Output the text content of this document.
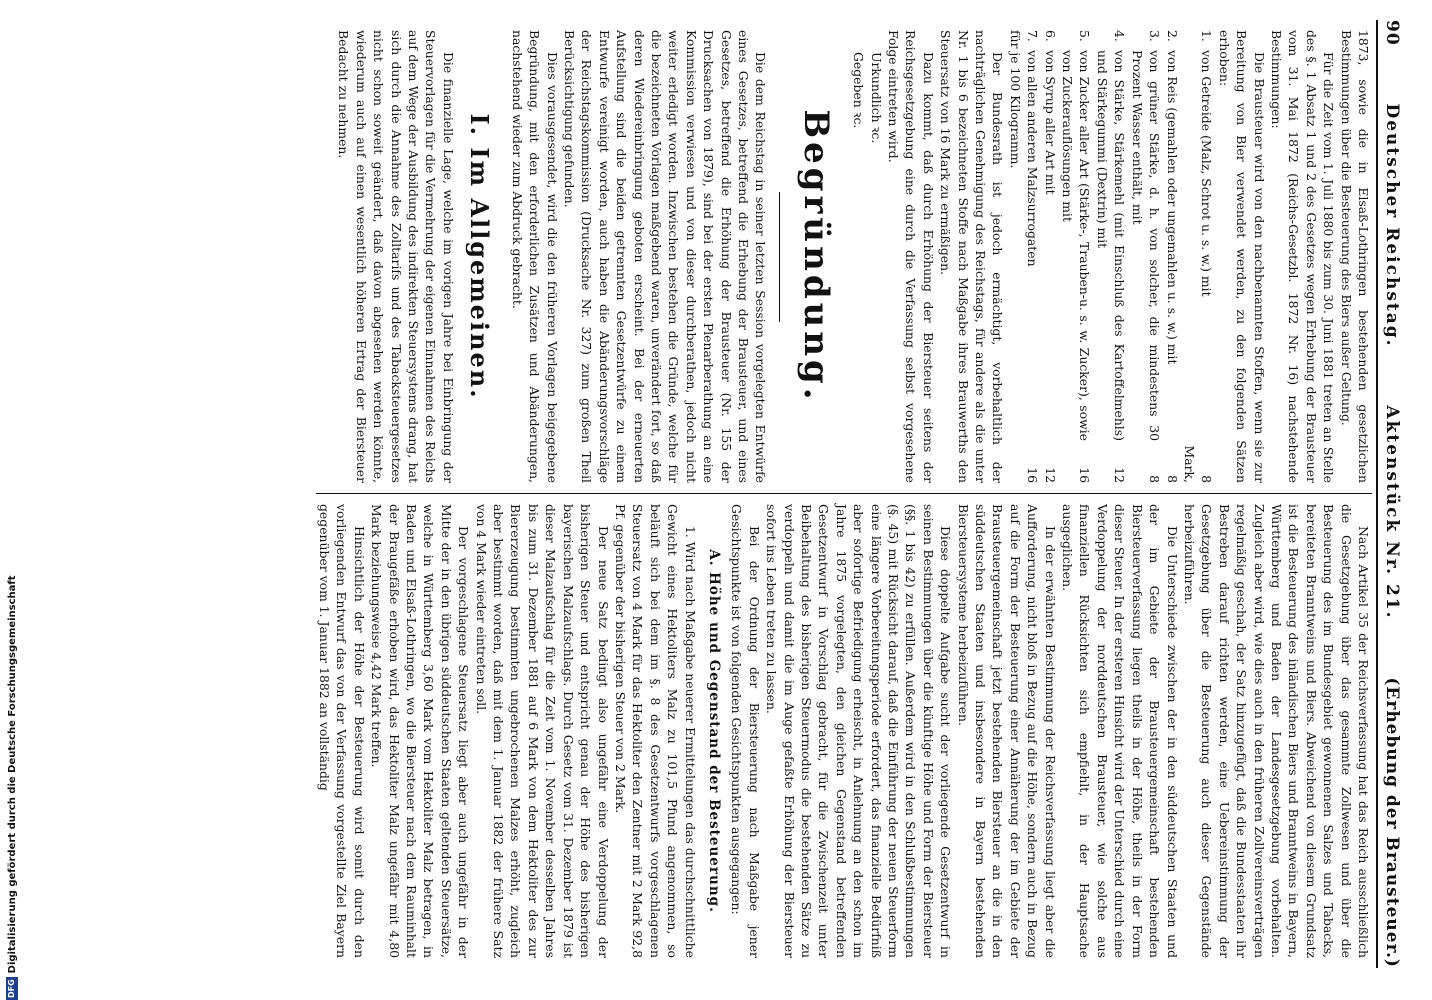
90
Deutscher Reichstag.
Aktenstück Nr. 21.
(Erhebung der Brausteuer.)

1873, sowie die in Elsaß-Lothringen bestehenden gesetzlichen Bestimmungen über die Besteuerung des Biers außer Geltung.

Für die Zeit vom 1. Juli 1880 bis zum 30. Juni 1881 treten an Stelle des §. 1 Absatz 1 und 2 des Gesetzes wegen Erhebung der Brausteuer vom 31. Mai 1872 (Reichs-Gesetzbl. 1872 Nr. 16) nachstehende Bestimmungen:

Die Brausteuer wird von den nachbenannten Stoffen, wenn sie zur Bereitung von Bier verwendet werden, zu den folgenden Sätzen erhoben:

1.
von Getreide (Malz, Schrot u. s. w.) mit
8 Mark,
2.
von Reis (gemahlen oder ungemahlen u. s. w.) mit
8
3.
von grüner Stärke, d. h. von solcher, die mindestens 30 Prozent Wasser enthält, mit
8
4.
von Stärke, Stärkemehl (mit Einschluß des Kartoffelmehls) und Stärkegummi (Dextrin) mit
12
5.
von Zucker aller Art (Stärke-, Trauben-u. s. w. Zucker), sowie von Zuckerauflösungen mit
16
6.
von Syrup aller Art mit
12
7.
von allen anderen Malzsurrogaten
16

für je 100 Kilogramm.

Der Bundesrath ist jedoch ermächtigt, vorbehaltlich der nachträglichen Genehmigung des Reichstags, für andere als die unter Nr. 1 bis 6 bezeichneten Stoffe nach Maßgabe ihres Brauwerths den Steuersatz von 16 Mark zu ermäßigen.

Dazu kommt, daß durch Erhöhung der Biersteuer seitens der Reichsgesetzgebung eine durch die Verfassung selbst vorgesehene Folge eintreten wird.

Urkundlich ꝛc.

Gegeben ꝛc.

Begründung.

Die dem Reichstag in seiner letzten Session vorgelegten Entwürfe eines Gesetzes, betreffend die Erhebung der Brausteuer, und eines Gesetzes, betreffend die Erhöhung der Brausteuer (Nr. 155 der Drucksachen von 1879), sind bei der ersten Plenarberathung an eine Kommission verwiesen und von dieser durchberathen, jedoch nicht weiter erledigt worden. Inzwischen bestehen die Gründe, welche für die bezeichneten Vorlagen maßgebend waren, unverändert fort, so daß deren Wiedereinbringung geboten erscheint. Bei der erneuerten Aufstellung sind die beiden getrennten Gesetzentwürfe zu einem Entwurfe vereinigt worden, auch haben die Abänderungsvorschläge der Reichstagskommission (Drucksache Nr. 327) zum großen Theil Berücksichtigung gefunden.

Dies vorausgesendet, wird die den früheren Vorlagen beigegebene Begründung, mit den erforderlichen Zusätzen und Abänderungen, nachstehend wieder zum Abdruck gebracht.

I. Im Allgemeinen.

Die finanzielle Lage, welche im vorigen Jahre bei Einbringung der Steuervorlagen für die Vermehrung der eigenen Einnahmen des Reichs auf dem Wege der Ausbildung des indirekten Steuersystems drang, hat sich durch die Annahme des Zolltarifs und des Tabacksteuergesetzes nicht schon soweit geändert, daß davon abgesehen werden könnte, wiederum auch auf einen wesentlich höheren Ertrag der Biersteuer Bedacht zu nehmen.

Nach Artikel 35 der Reichsverfassung hat das Reich ausschließlich die Gesetzgebung über das gesammte Zollwesen und über die Besteuerung des im Bundesgebiet gewonnenen Salzes und Tabacks, bereiteten Branntweins und Biers. Abweichend von diesem Grundsatz ist die Besteuerung des inländischen Biers und Branntweins in Bayern, Württemberg und Baden der Landesgesetzgebung vorbehalten. Zugleich aber wird, wie dies auch in den früheren Zollvereinsverträgen regelmäßig geschah, der Satz hinzugefügt, daß die Bundesstaaten ihr Bestreben darauf richten werden, eine Uebereinstimmung der Gesetzgebung über die Besteuerung auch dieser Gegenstände herbeizuführen.

Die Unterschiede zwischen der in den süddeutschen Staaten und der im Gebiete der Brausteuergemeinschaft bestehenden Biersteuerverfassung liegen theils in der Höhe, theils in der Form dieser Steuer. In der ersteren Hinsicht wird der Unterschied durch eine Verdoppelung der norddeutschen Brausteuer, wie solche aus finanziellen Rücksichten sich empfiehlt, in der Hauptsache ausgeglichen.

In der erwähnten Bestimmung der Reichsverfassung liegt aber die Aufforderung, nicht bloß in Bezug auf die Höhe, sondern auch in Bezug auf die Form der Besteuerung einer Annäherung der im Gebiete der Brausteuergemeinschaft jetzt bestehenden Biersteuer an die in den süddeutschen Staaten und insbesondere in Bayern bestehenden Biersteuersysteme herbeizuführen.

Diese doppelte Aufgabe sucht der vorliegende Gesetzentwurf in seinen Bestimmungen über die künftige Höhe und Form der Biersteuer (§§. 1 bis 42) zu erfüllen. Außerdem wird in den Schlußbestimmungen (§. 45) mit Rücksicht darauf, daß die Einführung der neuen Steuerform eine längere Vorbereitungsperiode erfordert, das finanzielle Bedürfniß aber sofortige Befriedigung erheischt, in Anlehnung an den schon im Jahre 1875 vorgelegten, den gleichen Gegenstand betreffenden Gesetzentwurf in Vorschlag gebracht, für die Zwischenzeit unter Beibehaltung des bisherigen Steuermodus die bestehenden Sätze zu verdoppeln und damit die im Auge gefaßte Erhöhung der Biersteuer sofort ins Leben treten zu lassen.

Bei der Ordnung der Biersteuerung nach Maßgabe jener Gesichtspunkte ist von folgenden Gesichtspunkten ausgegangen:

A. Höhe und Gegenstand der Besteuerung.

1. Wird nach Maßgabe neuerer Ermittelungen das durchschnittliche Gewicht eines Hektoliters Malz zu 101,5 Pfund angenommen, so beläuft sich bei dem im §. 8 des Gesetzentwurfs vorgeschlagenen Steuersatz von 4 Mark für das Hektoliter den Zentner mit 2 Mark 92,8 Pf. gegenüber der bisherigen Steuer von 2 Mark.

Der neue Satz bedingt also ungefähr eine Verdoppelung der bisherigen Steuer und entspricht genau der Höhe des bisherigen bayerischen Malzaufschlags. Durch Gesetz vom 31. Dezember 1879 ist dieser Malzaufschlag für die Zeit vom 1. November desselben Jahres bis zum 31. Dezember 1881 auf 6 Mark von dem Hektoliter des zur Biererzeugung bestimmten ungebrochenen Malzes erhöht, zugleich aber bestimmt worden, daß mit dem 1. Januar 1882 der frühere Satz von 4 Mark wieder eintreten soll.

Der vorgeschlagene Steuersatz liegt aber auch ungefähr in der Mitte der in den übrigen süddeutschen Staaten geltenden Steuersätze, welche in Württemberg 3,60 Mark vom Hektoliter Malz betragen, in Baden und Elsaß-Lothringen, wo die Biersteuer nach dem Rauminhalt der Braugefäße erhoben wird, das Hektoliter Malz ungefähr mit 4,80 Mark beziehungsweise 4,42 Mark treffen.

Hinsichtlich der Höhe der Besteuerung wird somit durch den vorliegenden Entwurf das von der Verfassung vorgestellte Ziel Bayern gegenüber vom 1. Januar 1882 an vollständig

DFG
Digitalisierung gefördert durch die Deutsche Forschungsgemeinschaft
